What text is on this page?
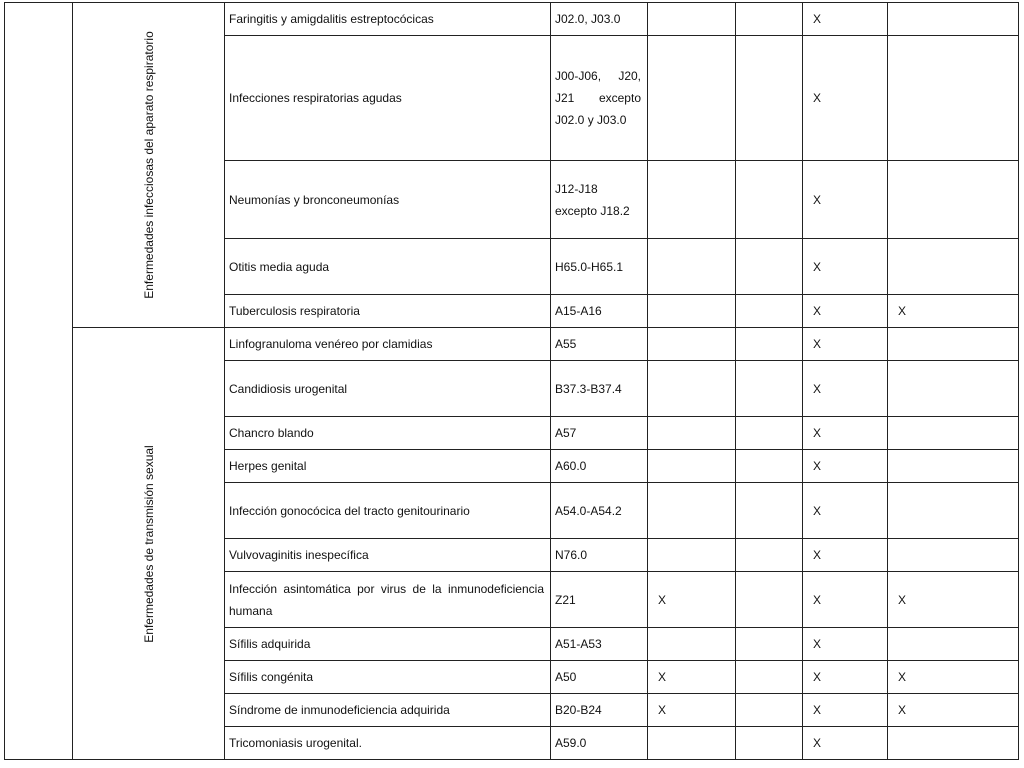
	Enfermedades infecciosas del aparato respiratorio	Faringitis y amigdalitis estreptocócicas	J02.0, J03.0			X	
		Infecciones respiratorias agudas	J00-J06, J20, J21 excepto J02.0 y J03.0			X	
		Neumonías y bronconeumonías	J12-J18 excepto J18.2			X	
		Otitis media aguda	H65.0-H65.1			X	
		Tuberculosis respiratoria	A15-A16			X	X

	Enfermedades de transmisión sexual	Linfogranuloma venéreo por clamidias	A55			X	
		Candidiosis urogenital	B37.3-B37.4			X	
		Chancro blando	A57			X	
		Herpes genital	A60.0			X	
		Infección gonocócica del tracto genitourinario	A54.0-A54.2			X	
		Vulvovaginitis inespecífica	N76.0			X	
		Infección asintomática por virus de la inmunodeficiencia humana	Z21	X		X	X
		Sífilis adquirida	A51-A53			X	
		Sífilis congénita	A50	X		X	X
		Síndrome de inmunodeficiencia adquirida	B20-B24	X		X	X
		Tricomoniasis urogenital.	A59.0			X	
